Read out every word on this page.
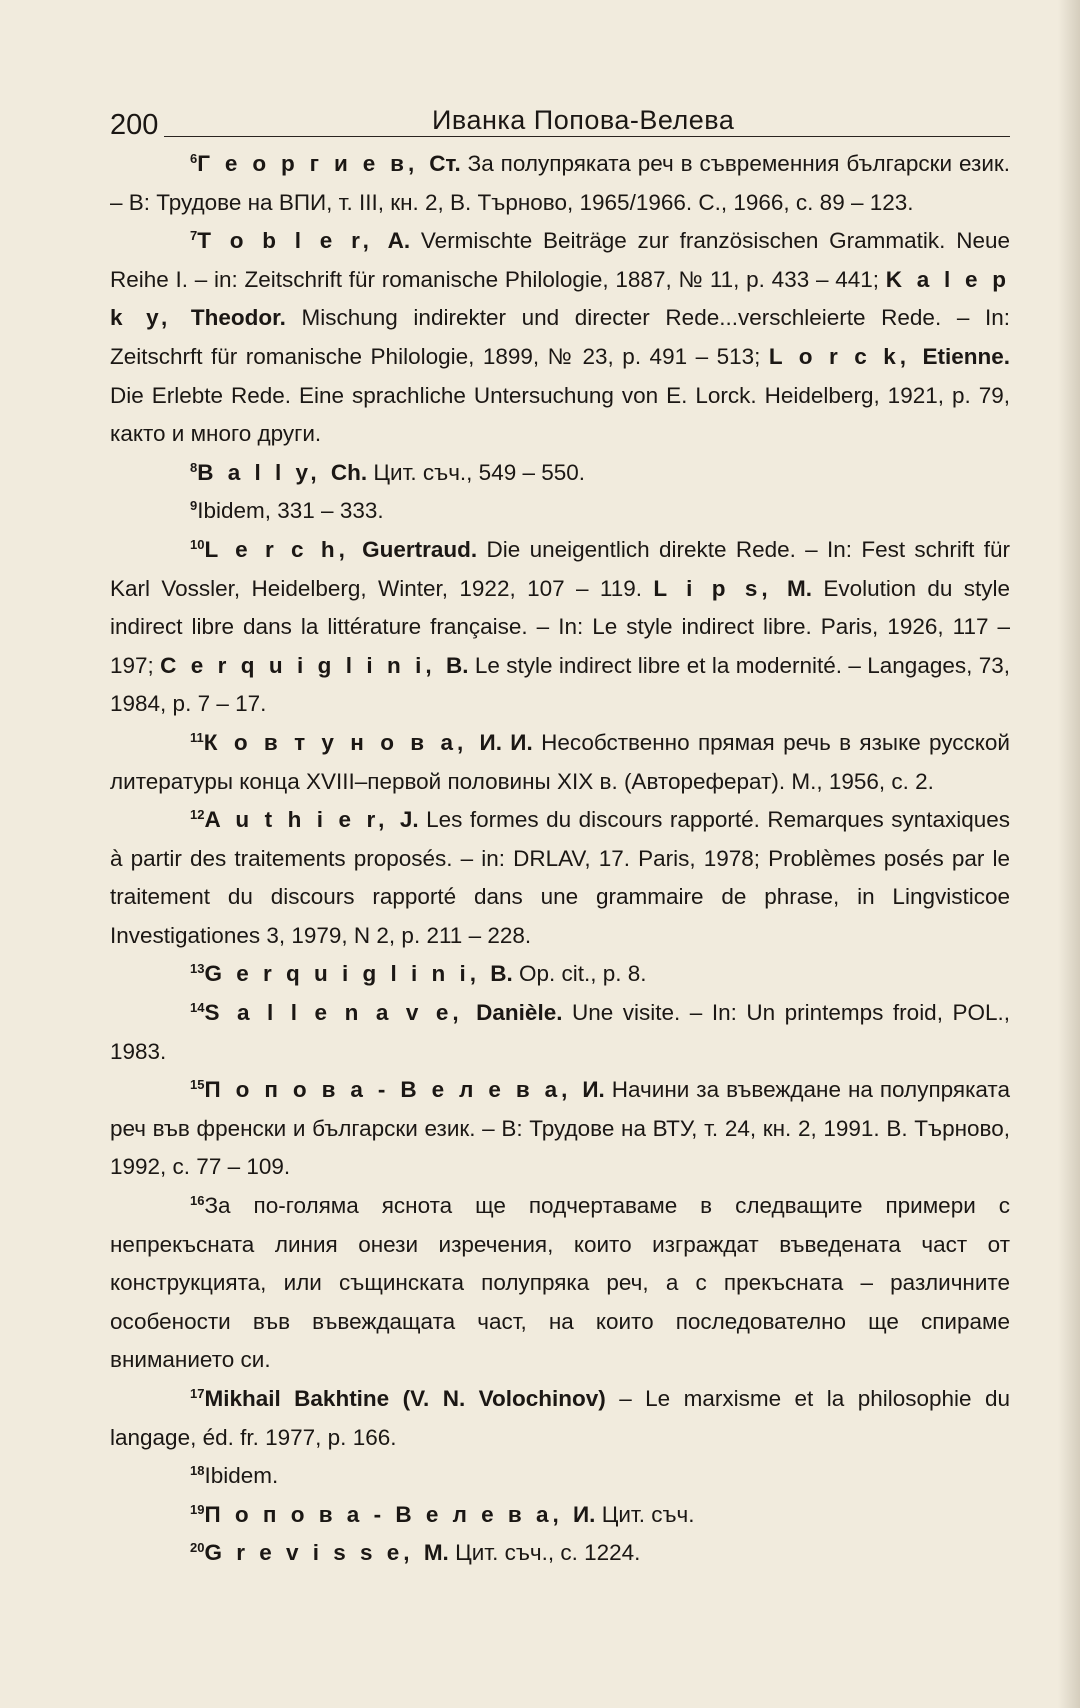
200	Иванка Попова-Велева

$^6$Г е о р г и е в, Ст. За полупряката реч в съвременния български език. – В: Трудове на ВПИ, т. III, кн. 2, В. Търново, 1965/1966. С., 1966, с. 89 – 123.

$^7$T o b l e r, A. Vermischte Beiträge zur französischen Grammatik. Neue Reihe I. – in: Zeitschrift für romanische Philologie, 1887, № 11, p. 433 – 441; K a l e p k y, Theodor. Mischung indirekter und directer Rede...verschleierte Rede. – In: Zeitschrft für romanische Philologie, 1899, № 23, p. 491 – 513; L o r c k, Etienne. Die Erlebte Rede. Eine sprachliche Untersuchung von E. Lorck. Heidelberg, 1921, p. 79, както и много други.

$^8$B a l l y, Ch. Цит. съч., 549 – 550.

$^9$Ibidem, 331 – 333.

$^{10}$L e r c h, Guertraud. Die uneigentlich direkte Rede. – In: Fest schrift für Karl Vossler, Heidelberg, Winter, 1922, 107 – 119. L i p s, M. Evolution du style indirect libre dans la littérature française. – In: Le style indirect libre. Paris, 1926, 117 – 197; C e r q u i g l i n i, B. Le style indirect libre et la modernité. – Langages, 73, 1984, p. 7 – 17.

$^{11}$К о в т у н о в а, И. И. Несобственно прямая речь в языке русской литературы конца XVIII–первой половины XIX в. (Автореферат). М., 1956, с. 2.

$^{12}$A u t h i e r, J. Les formes du discours rapporté. Remarques syntaxiques à partir des traitements proposés. – in: DRLAV, 17. Paris, 1978; Problèmes posés par le traitement du discours rapporté dans une grammaire de phrase, in Lingvisticoe Investigationes 3, 1979, N 2, p. 211 – 228.

$^{13}$G e r q u i g l i n i, B. Op. cit., p. 8.

$^{14}$S a l l e n a v e, Danièle. Une visite. – In: Un printemps froid, POL., 1983.

$^{15}$П о п о в а - В е л е в а, И. Начини за въвеждане на полупряката реч във френски и български език. – В: Трудове на ВТУ, т. 24, кн. 2, 1991. В. Търново, 1992, с. 77 – 109.

$^{16}$За по-голяма яснота ще подчертаваме в следващите примери с непрекъсната линия онези изречения, които изграждат въведената част от конструкцията, или същинската полупряка реч, а с прекъсната – различните особености във въвеждащата част, на които последователно ще спираме вниманието си.

$^{17}$Mikhail Bakhtine (V. N. Volochinov) – Le marxisme et la philosophie du langage, éd. fr. 1977, p. 166.

$^{18}$Ibidem.

$^{19}$П о п о в а - В е л е в а, И. Цит. съч.

$^{20}$G r e v i s s e, M. Цит. съч., с. 1224.
